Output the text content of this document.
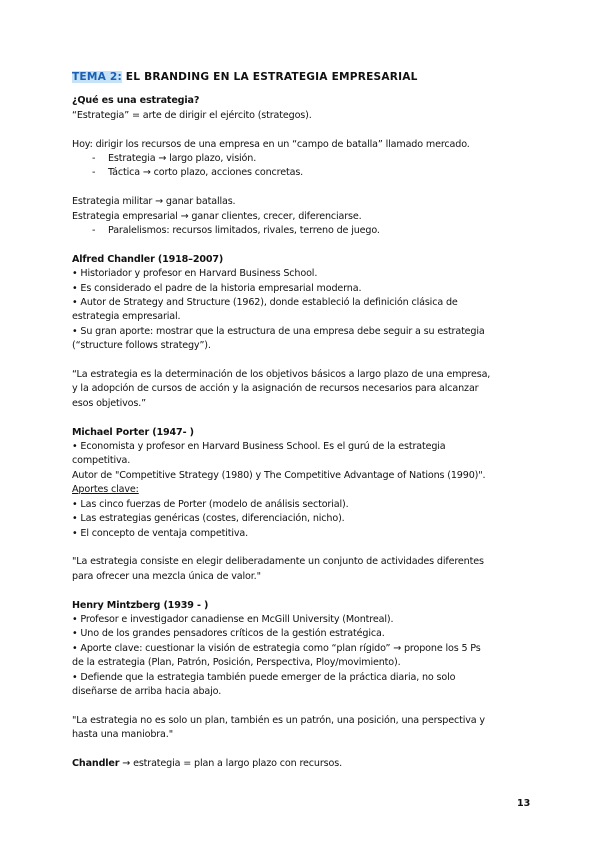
TEMA 2: EL BRANDING EN LA ESTRATEGIA EMPRESARIAL

¿Qué es una estrategia?

“Estrategia” = arte de dirigir el ejército (strategos).

Hoy: dirigir los recursos de una empresa en un “campo de batalla” llamado mercado.

- Estrategia → largo plazo, visión.

- Táctica → corto plazo, acciones concretas.

Estrategia militar → ganar batallas.

Estrategia empresarial → ganar clientes, crecer, diferenciarse.

- Paralelismos: recursos limitados, rivales, terreno de juego.

Alfred Chandler (1918–2007)

• Historiador y profesor en Harvard Business School.

• Es considerado el padre de la historia empresarial moderna.

• Autor de Strategy and Structure (1962), donde estableció la definición clásica de

estrategia empresarial.

• Su gran aporte: mostrar que la estructura de una empresa debe seguir a su estrategia

(“structure follows strategy”).

“La estrategia es la determinación de los objetivos básicos a largo plazo de una empresa,

y la adopción de cursos de acción y la asignación de recursos necesarios para alcanzar

esos objetivos.”

Michael Porter (1947- )

• Economista y profesor en Harvard Business School. Es el gurú de la estrategia

competitiva.

Autor de "Competitive Strategy (1980) y The Competitive Advantage of Nations (1990)".

Aportes clave:

• Las cinco fuerzas de Porter (modelo de análisis sectorial).

• Las estrategias genéricas (costes, diferenciación, nicho).

• El concepto de ventaja competitiva.

"La estrategia consiste en elegir deliberadamente un conjunto de actividades diferentes

para ofrecer una mezcla única de valor."

Henry Mintzberg (1939 - )

• Profesor e investigador canadiense en McGill University (Montreal).

• Uno de los grandes pensadores críticos de la gestión estratégica.

• Aporte clave: cuestionar la visión de estrategia como “plan rígido” → propone los 5 Ps

de la estrategia (Plan, Patrón, Posición, Perspectiva, Ploy/movimiento).

• Defiende que la estrategia también puede emerger de la práctica diaria, no solo

diseñarse de arriba hacia abajo.

"La estrategia no es solo un plan, también es un patrón, una posición, una perspectiva y

hasta una maniobra."

Chandler → estrategia = plan a largo plazo con recursos.

13
